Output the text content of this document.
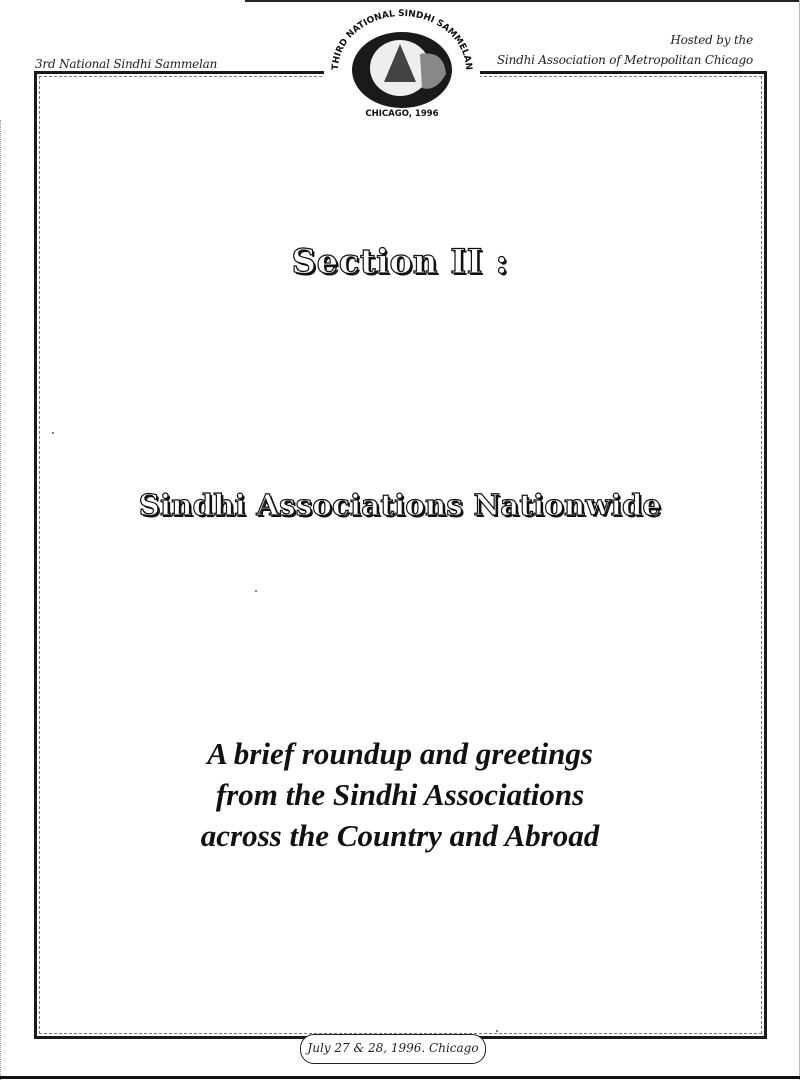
3rd National Sindhi Sammelan
Hosted by the
Sindhi Association of Metropolitan Chicago
THIRD NATIONAL SINDHI SAMMELAN
CHICAGO, 1996
Section II :
Sindhi Associations Nationwide
A brief roundup and greetings
from the Sindhi Associations
across the Country and Abroad
July 27 & 28, 1996. Chicago
